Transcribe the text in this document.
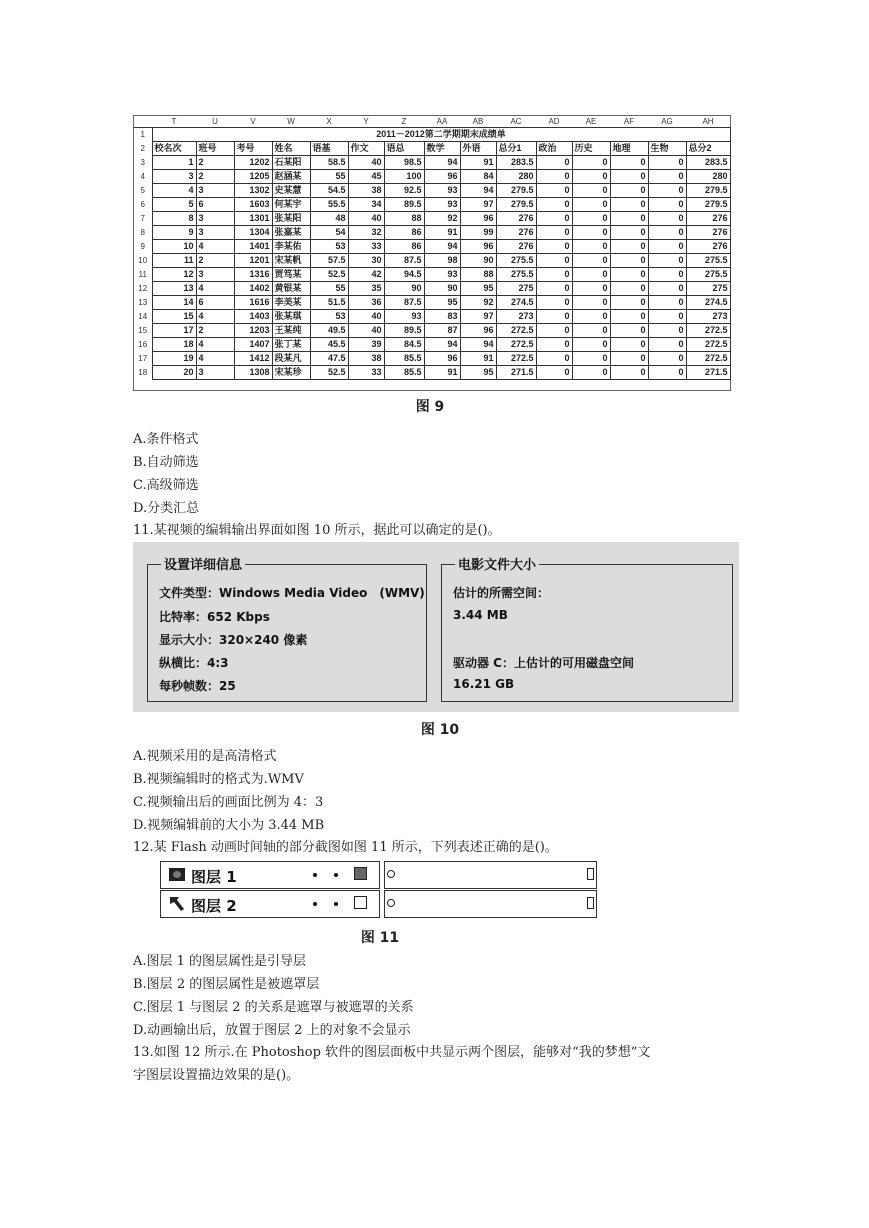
	T	U	V	W	X	Y	Z	AA	AB	AC	AD	AE	AF	AG	AH
1	2011－2012第二学期期末成绩单														
2	校名次	班号	考号	姓名	语基	作文	语总	数学	外语	总分1	政治	历史	地理	生物	总分2
3	1	2	1202	石某阳	58.5	40	98.5	94	91	283.5	0	0	0	0	283.5
4	3	2	1205	赵涵某	55	45	100	96	84	280	0	0	0	0	280
5	4	3	1302	史某慧	54.5	38	92.5	93	94	279.5	0	0	0	0	279.5
6	5	6	1603	何某宇	55.5	34	89.5	93	97	279.5	0	0	0	0	279.5
7	8	3	1301	张某阳	48	40	88	92	96	276	0	0	0	0	276
8	9	3	1304	张嘉某	54	32	86	91	99	276	0	0	0	0	276
9	10	4	1401	李某佑	53	33	86	94	96	276	0	0	0	0	276
10	11	2	1201	宋某帆	57.5	30	87.5	98	90	275.5	0	0	0	0	275.5
11	12	3	1316	贾笃某	52.5	42	94.5	93	88	275.5	0	0	0	0	275.5
12	13	4	1402	黄银某	55	35	90	90	95	275	0	0	0	0	275
13	14	6	1616	李美某	51.5	36	87.5	95	92	274.5	0	0	0	0	274.5
14	15	4	1403	张某琪	53	40	93	83	97	273	0	0	0	0	273
15	17	2	1203	王某纯	49.5	40	89.5	87	96	272.5	0	0	0	0	272.5
16	18	4	1407	张丁某	45.5	39	84.5	94	94	272.5	0	0	0	0	272.5
17	19	4	1412	段某凡	47.5	38	85.5	96	91	272.5	0	0	0	0	272.5
18	20	3	1308	宋某珍	52.5	33	85.5	91	95	271.5	0	0	0	0	271.5
图 9
A.条件格式
B.自动筛选
C.高级筛选
D.分类汇总
11.某视频的编辑输出界面如图 10 所示，据此可以确定的是()。
设置详细信息
文件类型：Windows Media Video　(WMV)
比特率：652 Kbps
显示大小：320×240 像素
纵横比：4:3
每秒帧数：25
电影文件大小
估计的所需空间：
3.44 MB
驱动器 C：上估计的可用磁盘空间
16.21 GB
图 10
A.视频采用的是高清格式
B.视频编辑时的格式为.WMV
C.视频输出后的画面比例为 4：3
D.视频编辑前的大小为 3.44 MB
12.某 Flash 动画时间轴的部分截图如图 11 所示，下列表述正确的是()。
图层 1
图层 2
图 11
A.图层 1 的图层属性是引导层
B.图层 2 的图层属性是被遮罩层
C.图层 1 与图层 2 的关系是遮罩与被遮罩的关系
D.动画输出后，放置于图层 2 上的对象不会显示
13.如图 12 所示.在 Photoshop 软件的图层面板中共显示两个图层，能够对“我的梦想”文
字图层设置描边效果的是()。
